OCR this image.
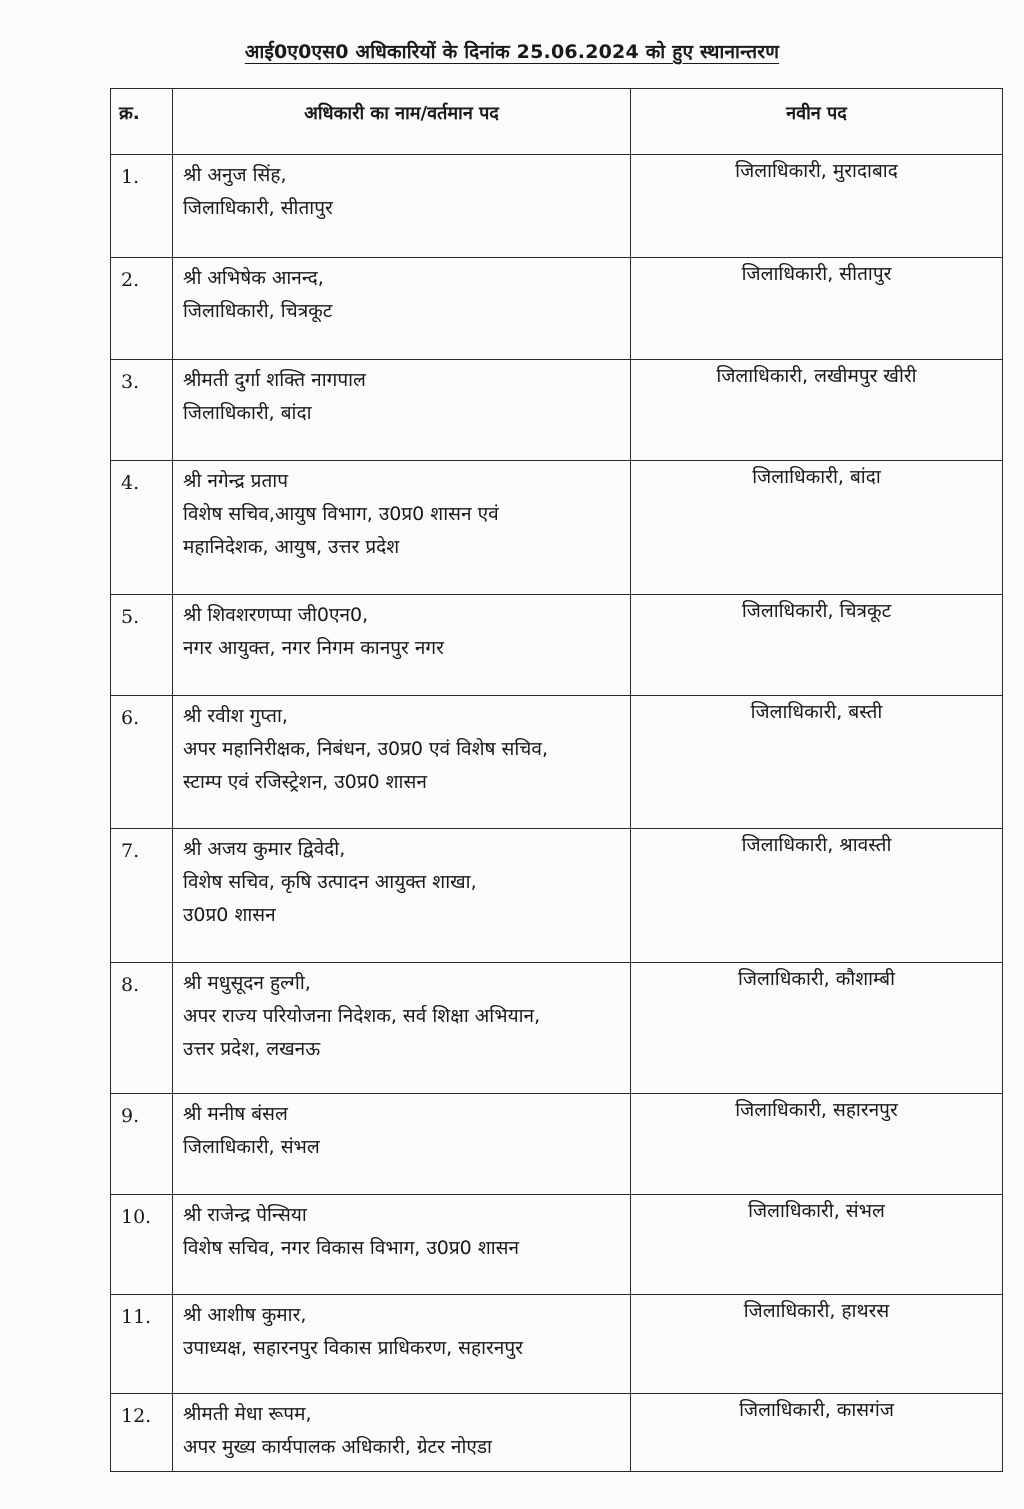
आई0ए0एस0 अधिकारियों के दिनांक 25.06.2024 को हुए स्थानान्तरण
क्र.	अधिकारी का नाम/वर्तमान पद	नवीन पद
1.	श्री अनुज सिंह,
जिलाधिकारी, सीतापुर	जिलाधिकारी, मुरादाबाद
2.	श्री अभिषेक आनन्द,
जिलाधिकारी, चित्रकूट	जिलाधिकारी, सीतापुर
3.	श्रीमती दुर्गा शक्ति नागपाल
जिलाधिकारी, बांदा	जिलाधिकारी, लखीमपुर खीरी
4.	श्री नगेन्द्र प्रताप
विशेष सचिव,आयुष विभाग, उ0प्र0 शासन एवं
महानिदेशक, आयुष, उत्तर प्रदेश	जिलाधिकारी, बांदा
5.	श्री शिवशरणप्पा जी0एन0,
नगर आयुक्त, नगर निगम कानपुर नगर	जिलाधिकारी, चित्रकूट
6.	श्री रवीश गुप्ता,
अपर महानिरीक्षक, निबंधन, उ0प्र0 एवं विशेष सचिव,
स्टाम्प एवं रजिस्ट्रेशन, उ0प्र0 शासन	जिलाधिकारी, बस्ती
7.	श्री अजय कुमार द्विवेदी,
विशेष सचिव, कृषि उत्पादन आयुक्त शाखा,
उ0प्र0 शासन	जिलाधिकारी, श्रावस्ती
8.	श्री मधुसूदन हुल्गी,
अपर राज्य परियोजना निदेशक, सर्व शिक्षा अभियान,
उत्तर प्रदेश, लखनऊ	जिलाधिकारी, कौशाम्बी
9.	श्री मनीष बंसल
जिलाधिकारी, संभल	जिलाधिकारी, सहारनपुर
10.	श्री राजेन्द्र पेन्सिया
विशेष सचिव, नगर विकास विभाग, उ0प्र0 शासन	जिलाधिकारी, संभल
11.	श्री आशीष कुमार,
उपाध्यक्ष, सहारनपुर विकास प्राधिकरण, सहारनपुर	जिलाधिकारी, हाथरस
12.	श्रीमती मेधा रूपम,
अपर मुख्य कार्यपालक अधिकारी, ग्रेटर नोएडा	जिलाधिकारी, कासगंज
